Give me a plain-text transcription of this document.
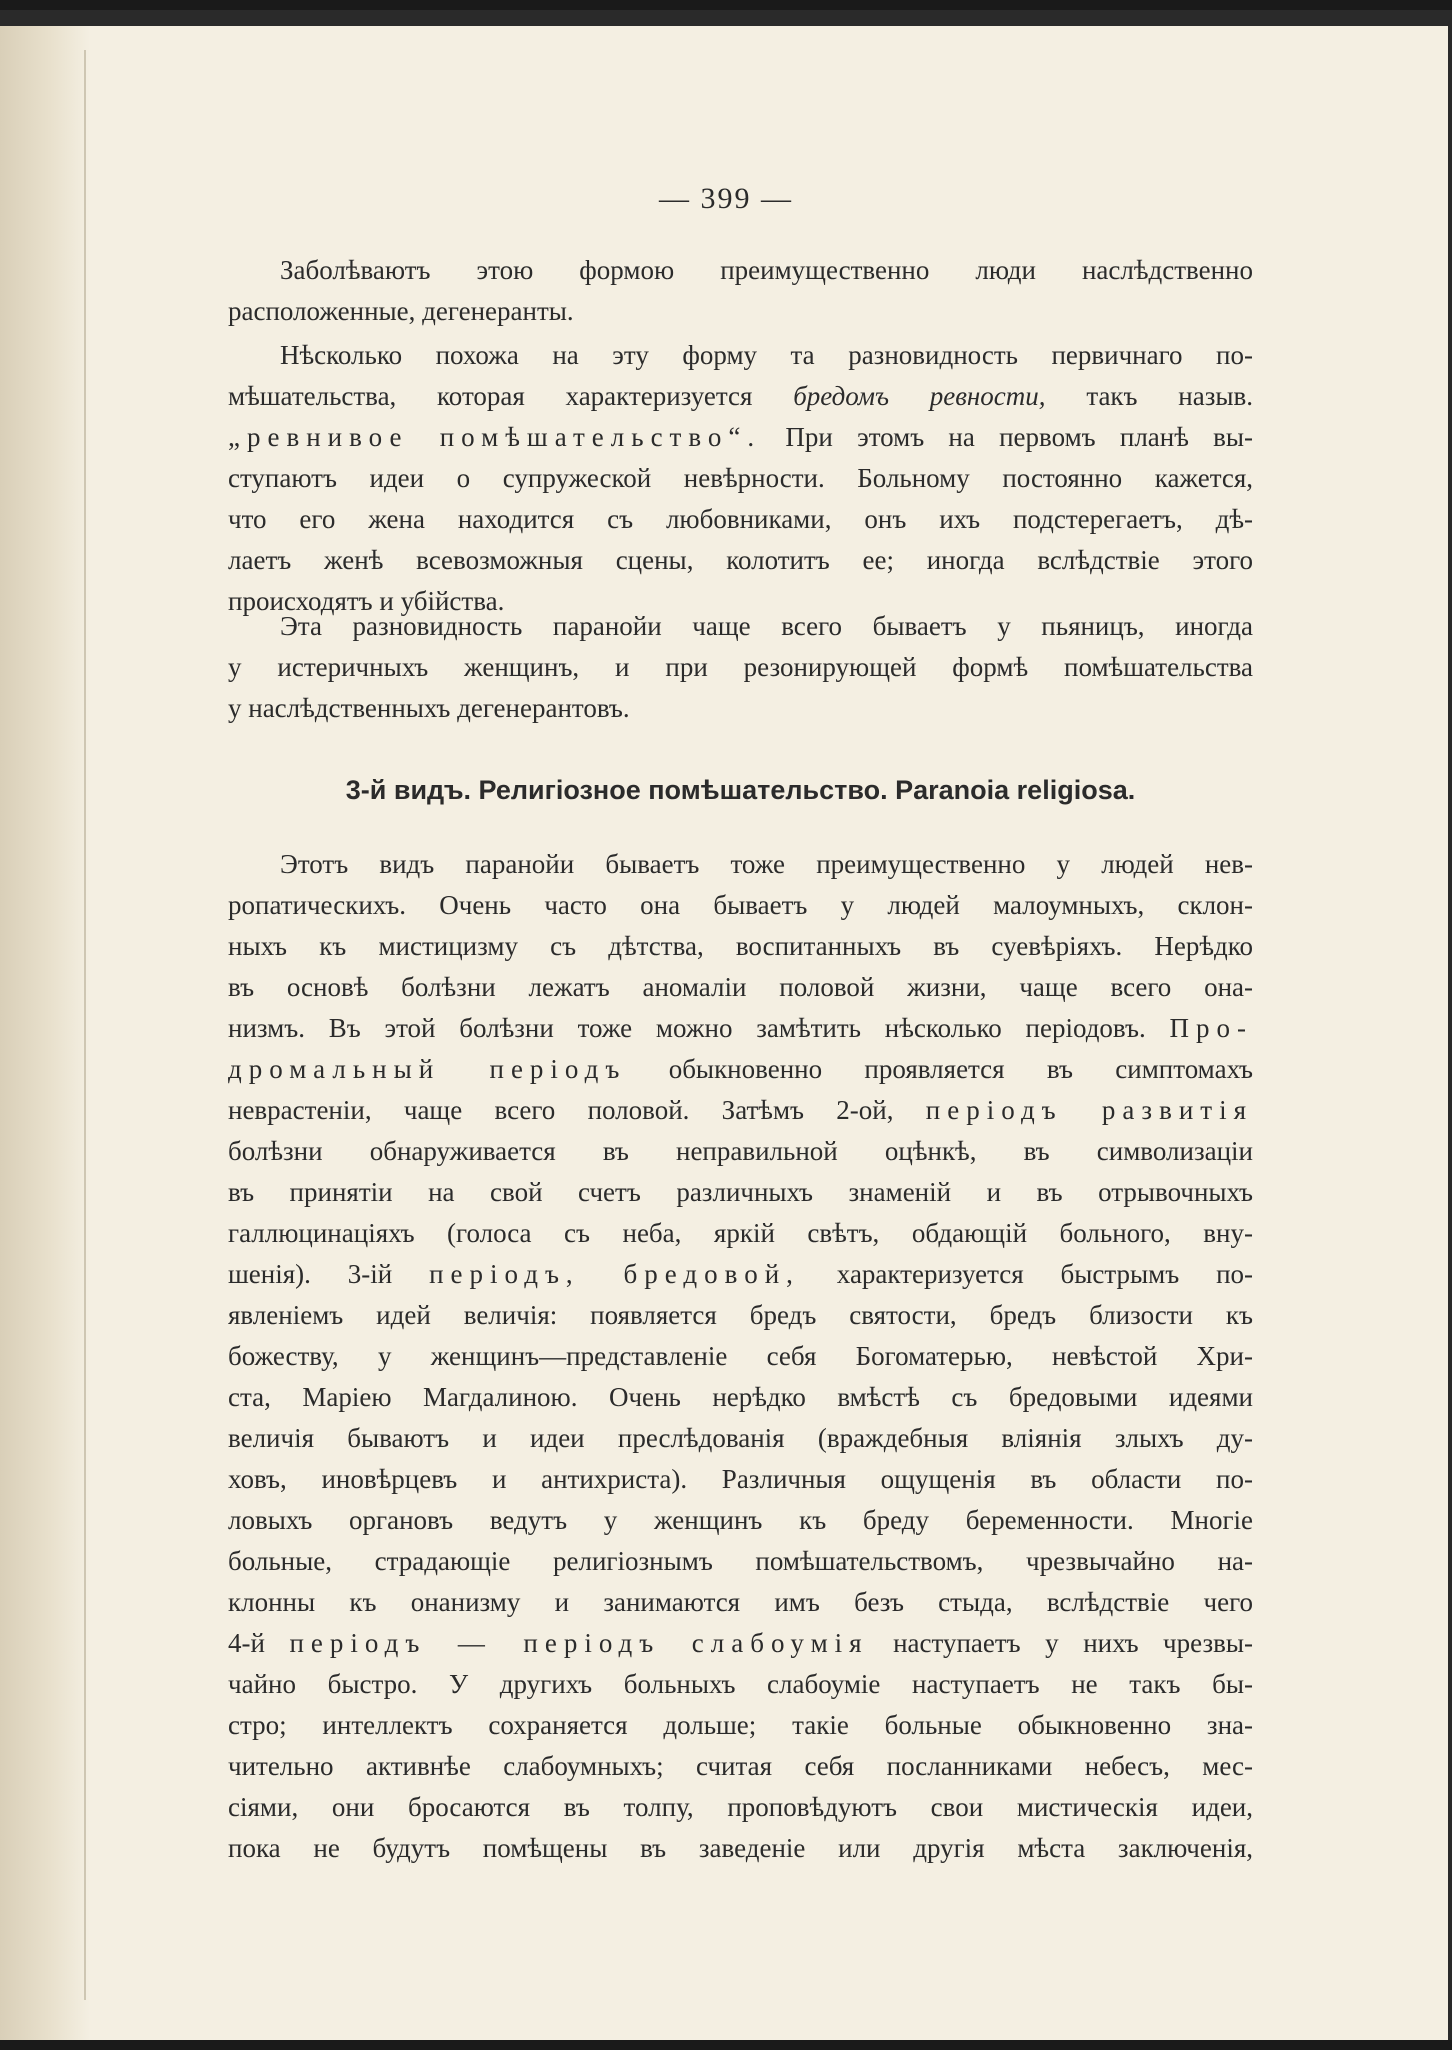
— 399 —

Заболѣваютъ этою формою преимущественно люди наслѣдственно
расположенные, дегенеранты.

Нѣсколько похожа на эту форму та разновидность первичнаго по-
мѣшательства, которая характеризуется бредомъ ревности, такъ назыв.
„ревнивое помѣшательство“. При этомъ на первомъ планѣ вы-
ступаютъ идеи о супружеской невѣрности. Больному постоянно кажется,
что его жена находится съ любовниками, онъ ихъ подстерегаетъ, дѣ-
лаетъ женѣ всевозможныя сцены, колотитъ ее; иногда вслѣдствіе этого
происходятъ и убійства.

Эта разновидность паранойи чаще всего бываетъ у пьяницъ, иногда
у истеричныхъ женщинъ, и при резонирующей формѣ помѣшательства
у наслѣдственныхъ дегенерантовъ.

3-й видъ. Религіозное помѣшательство. Paranoia religiosa.

Этотъ видъ паранойи бываетъ тоже преимущественно у людей нев-
ропатическихъ. Очень часто она бываетъ у людей малоумныхъ, склон-
ныхъ къ мистицизму съ дѣтства, воспитанныхъ въ суевѣріяхъ. Нерѣдко
въ основѣ болѣзни лежатъ аномаліи половой жизни, чаще всего она-
низмъ. Въ этой болѣзни тоже можно замѣтить нѣсколько періодовъ. Про-
дромальный періодъ обыкновенно проявляется въ симптомахъ
неврастеніи, чаще всего половой. Затѣмъ 2-ой, періодъ развитія
болѣзни обнаруживается въ неправильной оцѣнкѣ, въ символизаціи
въ принятіи на свой счетъ различныхъ знаменій и въ отрывочныхъ
галлюцинаціяхъ (голоса съ неба, яркій свѣтъ, обдающій больного, вну-
шенія). 3-ій періодъ, бредовой, характеризуется быстрымъ по-
явленіемъ идей величія: появляется бредъ святости, бредъ близости къ
божеству, у женщинъ—представленіе себя Богоматерью, невѣстой Хри-
ста, Маріею Магдалиною. Очень нерѣдко вмѣстѣ съ бредовыми идеями
величія бываютъ и идеи преслѣдованія (враждебныя вліянія злыхъ ду-
ховъ, иновѣрцевъ и антихриста). Различныя ощущенія въ области по-
ловыхъ органовъ ведутъ у женщинъ къ бреду беременности. Многіе
больные, страдающіе религіознымъ помѣшательствомъ, чрезвычайно на-
клонны къ онанизму и занимаются имъ безъ стыда, вслѣдствіе чего
4-й періодъ — періодъ слабоумія наступаетъ у нихъ чрезвы-
чайно быстро. У другихъ больныхъ слабоуміе наступаетъ не такъ бы-
стро; интеллектъ сохраняется дольше; такіе больные обыкновенно зна-
чительно активнѣе слабоумныхъ; считая себя посланниками небесъ, мес-
сіями, они бросаются въ толпу, проповѣдуютъ свои мистическія идеи,
пока не будутъ помѣщены въ заведеніе или другія мѣста заключенія,
